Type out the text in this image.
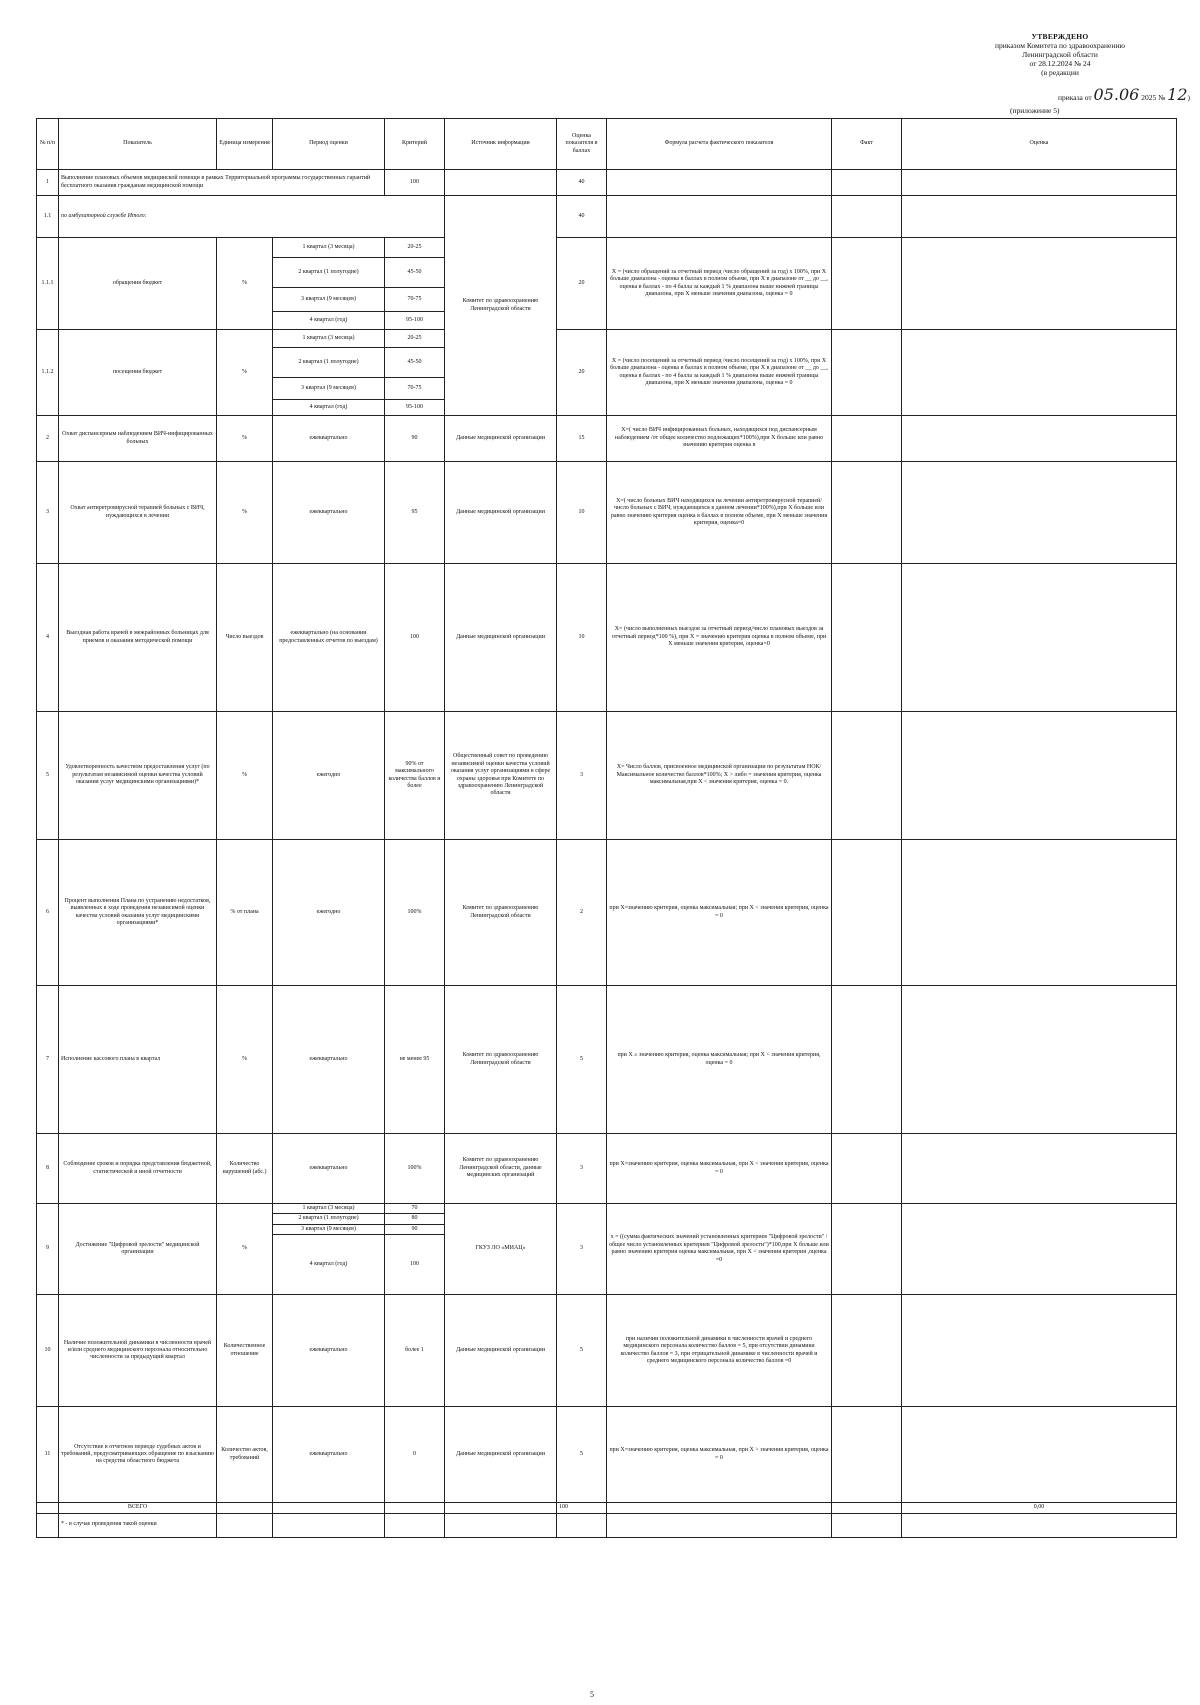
УТВЕРЖДЕНО
приказом Комитета по здравоохранению
Ленинградской области
от 28.12.2024 № 24
(в редакции
приказа от 05.06 2025 № 12)
(приложение 5)
№ п/п	Показатель	Единица измерения	Период оценки	Критерий	Источник информации	Оценка показателя в баллах	Формула расчета фактического показателя	Факт	Оценка
1	Выполнение плановых объемов медицинской помощи в рамках Территориальной программы государственных гарантий бесплатного оказания гражданам медицинской помощи			100		40			
1.1	по амбулаторной службе Итого:				Комитет по здравоохранению Ленинградской области	40			
1.1.1	обращения бюджет	%	1 квартал (3 месяца)	20-25		20	X = (число обращений за отчетный период /число обращений за год) х 100%, при X больше диапазона - оценка в баллах в полном объеме, при X в диапазоне от __ до __, оценка в баллах - по 4 балла за каждый 1 % диапазона выше нижней границы диапазона, при X меньше значения диапазона, оценка = 0		
			2 квартал (1 полугодие)	45-50					
			3 квартал (9 месяцев)	70-75					
			4 квартал (год)	95-100					
1.1.2	посещения бюджет	%	1 квартал (3 месяца)	20-25		20	X = (число посещений за отчетный период /число посещений за год) х 100%, при X больше диапазона - оценка в баллах в полном объеме, при X в диапазоне от __ до __, оценка в баллах - по 4 балла за каждый 1 % диапазона выше нижней границы диапазона, при X меньше значения диапазона, оценка = 0		
			2 квартал (1 полугодие)	45-50					
			3 квартал (9 месяцев)	70-75					
			4 квартал (год)	95-100					
2	Охват диспансерным наблюдением ВИЧ-инфицированных больных	%	ежеквартально	90	Данные медицинской организации	15	X=( число ВИЧ инфицированных больных, находящихся под диспансерным наблюдением /от общее количество подлежащих*100%),при X больше или равно значению критерия оценка в		
3	Охват антиретровирусной терапией больных с ВИЧ, нуждающихся в лечении	%	ежеквартально	95	Данные медицинской организации	10	X=( число больных ВИЧ находящихся на лечении антиретровирусной терапией/ число больных с ВИЧ, нуждающихся в данном лечении*100%),при X больше или равно значению критерия оценка в баллах в полном объеме, при X меньше значения критерия, оценка=0		
4	Выездная работа врачей в межрайонных больницах для приемов и оказания методической помощи	Число выездов	ежеквартально (на основании предоставленных отчетов по выездам)	100	Данные медицинской организации	10	X= (число выполненных выездов за отчетный период/число плановых выездов за отчетный период*100 %), при X = значению критерия оценка в полном объеме, при X меньше значения критерия, оценка=0		
5	Удовлетворенность качеством предоставления услуг (по результатам независимой оценки качества условий оказания услуг медицинскими организациями)*	%	ежегодно	90% от максимального количества баллов и более	Общественный совет по проведению независимой оценки качества условий оказания услуг организациями в сфере охраны здоровья при Комитете по здравоохранению Ленинградской области	3	X= Число баллов, присвоенное медицинской организации по результатам НОК/Максимальное количество баллов*100%; X > либо = значения критерия, оценка максимальная,при X < значения критерия, оценка = 0.		
6	Процент выполнения Плана по устранению недостатков, выявленных в ходе проведения независимой оценки качества условий оказания услуг медицинскими организациями*	% от плана	ежегодно	100%	Комитет по здравоохранению Ленинградской области	2	при X=значению критерия, оценка максимальная; при X < значения критерия, оценка = 0		
7	Исполнение кассового плана в квартал	%	ежеквартально	не менее 95	Комитет по здравоохранению Ленинградской области	5	при X ≥ значению критерия, оценка максимальная; при X < значения критерия, оценка = 0		
8	Соблюдение сроков и порядка представления бюджетной, статистической и иной отчетности	Количество нарушений (абс.)	ежеквартально	100%	Комитет по здравоохранению Ленинградской области, данные медицинских организаций	3	при X=значению критерия, оценка максимальная, при X < значения критерия, оценка = 0		
9	Достижение "Цифровой зрелости" медицинской организации	%	1 квартал (3 месяца)	70	ГКУЗ ЛО «МИАЦ»	3	x = ((сумма фактических значений установленных критериев "Цифровой зрелости" / общее число установленных критериев "Цифровой зрелости")*100,при X больше или равно значению критерия оценка максимальная, при X < значения критерия ,оценка =0		
			2 квартал (1 полугодие)	80					
			3 квартал (9 месяцев)	90					
			4 квартал (год)	100					
10	Наличие положительной динамики в численности врачей и/или среднего медицинского персонала относительно численности за предыдущий квартал	Количественное отношение	ежеквартально	более 1	Данные медицинской организации	5	при наличии положительной динамики в численности врачей и среднего медицинского персонала количество баллов = 5, при отсутствии динамики количество баллов = 3, при отрицательной динамике в численности врачей и среднего медицинского персонала количество баллов =0		
11	Отсутствие в отчетном периоде судебных актов и требований, предусматривающих обращение по взысканию на средства областного бюджета	Количество актов, требований	ежеквартально	0	Данные медицинской организации	5	при X=значению критерия, оценка максимальная, при X > значения критерия, оценка = 0		
	ВСЕГО					100			0,00
	* - в случае проведения такой оценки								
5
